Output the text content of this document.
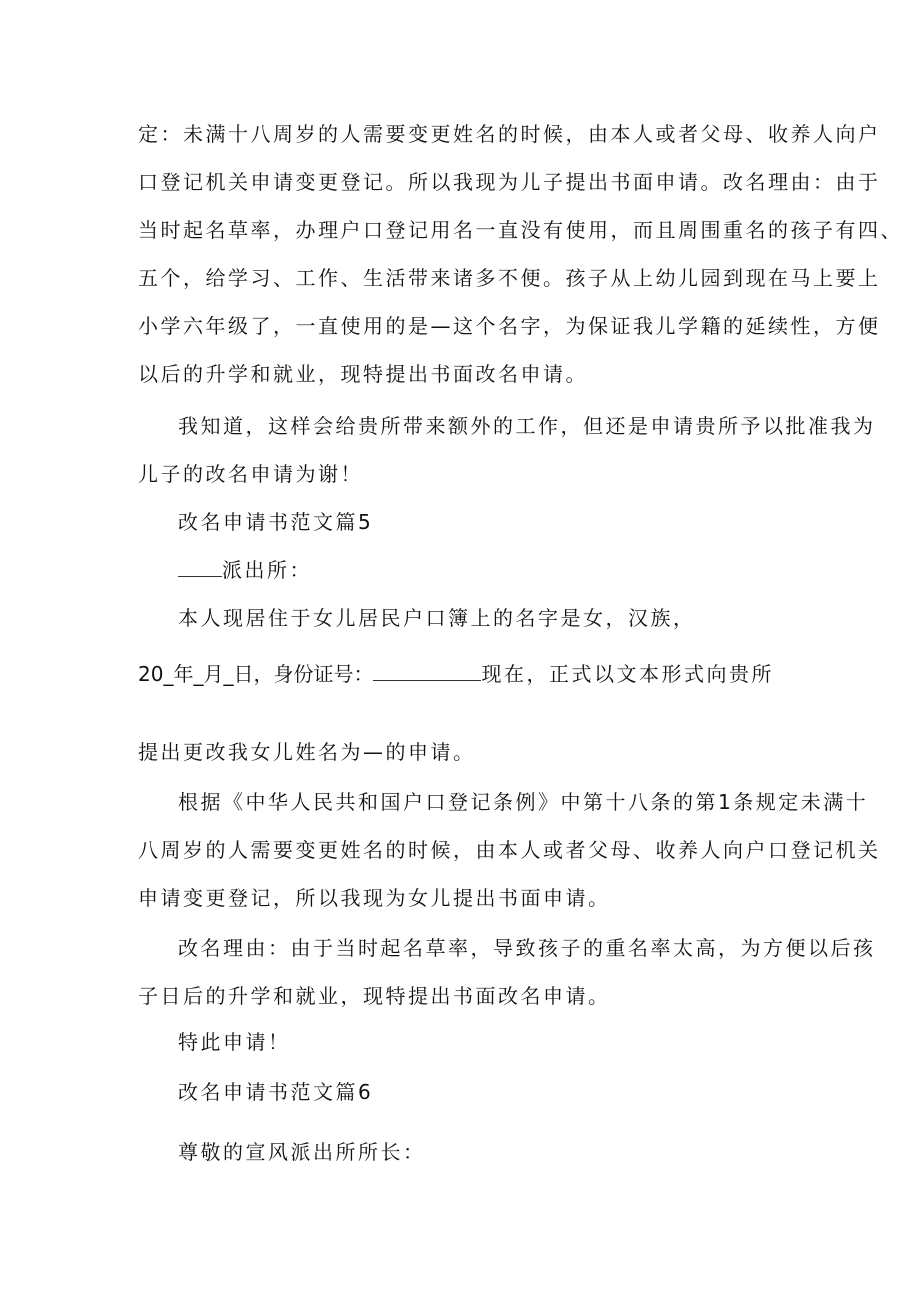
定：未满十八周岁的人需要变更姓名的时候，由本人或者父母、收养人向户
口登记机关申请变更登记。所以我现为儿子提出书面申请。改名理由：由于
当时起名草率，办理户口登记用名一直没有使用，而且周围重名的孩子有四、
五个，给学习、工作、生活带来诸多不便。孩子从上幼儿园到现在马上要上
小学六年级了，一直使用的是—这个名字，为保证我儿学籍的延续性，方便
以后的升学和就业，现特提出书面改名申请。
我知道，这样会给贵所带来额外的工作，但还是申请贵所予以批准我为
儿子的改名申请为谢！
改名申请书范文篇5
派出所：
本人现居住于女儿居民户口簿上的名字是女，汉族，
20_年_月_日，身份证号：	现在，正式以文本形式向贵所
提出更改我女儿姓名为—的申请。
根据《中华人民共和国户口登记条例》中第十八条的第1条规定未满十
八周岁的人需要变更姓名的时候，由本人或者父母、收养人向户口登记机关
申请变更登记，所以我现为女儿提出书面申请。
改名理由：由于当时起名草率，导致孩子的重名率太高，为方便以后孩
子日后的升学和就业，现特提出书面改名申请。
特此申请！
改名申请书范文篇6
尊敬的宣风派出所所长：
